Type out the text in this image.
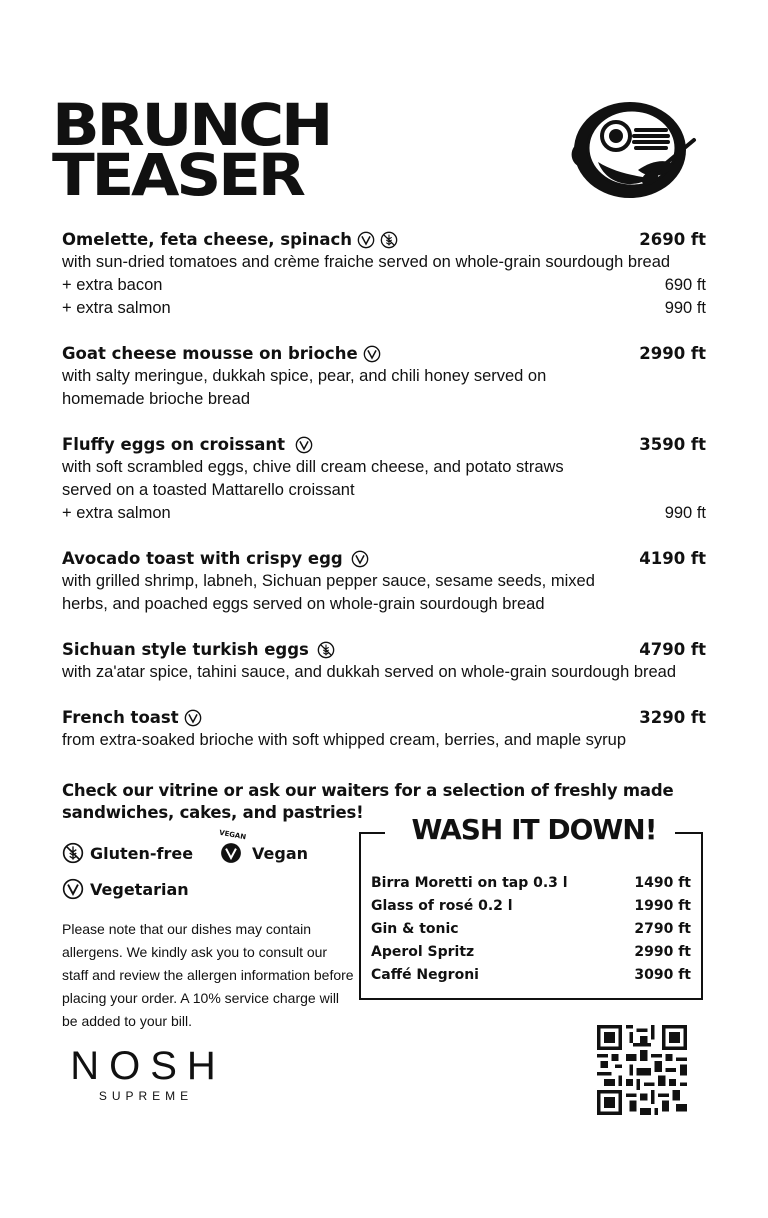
BRUNCH
TEASER
Omelette, feta cheese, spinach	2690 ft
with sun-dried tomatoes and crème fraiche served on whole-grain sourdough bread
+ extra bacon	690 ft
+ extra salmon	990 ft
Goat cheese mousse on brioche	2990 ft
with salty meringue, dukkah spice, pear, and chili honey served on homemade brioche bread
Fluffy eggs on croissant	3590 ft
with soft scrambled eggs, chive dill cream cheese, and potato straws served on a toasted Mattarello croissant
+ extra salmon	990 ft
Avocado toast with crispy egg	4190 ft
with grilled shrimp, labneh, Sichuan pepper sauce, sesame seeds, mixed herbs, and poached eggs served on whole-grain sourdough bread
Sichuan style turkish eggs	4790 ft
with za'atar spice, tahini sauce, and dukkah served on whole-grain sourdough bread
French toast	3290 ft
from extra-soaked brioche with soft whipped cream, berries, and maple syrup
Check our vitrine or ask our waiters for a selection of freshly made sandwiches, cakes, and pastries!
Gluten-free
VEGAN
Vegan
Vegetarian
Please note that our dishes may contain allergens. We kindly ask you to consult our staff and review the allergen information before placing your order. A 10% service charge will be added to your bill.
NOSH
SUPREME
WASH IT DOWN!
Birra Moretti on tap 0.3 l	1490 ft
Glass of rosé 0.2 l	1990 ft
Gin & tonic	2790 ft
Aperol Spritz	2990 ft
Caffé Negroni	3090 ft
